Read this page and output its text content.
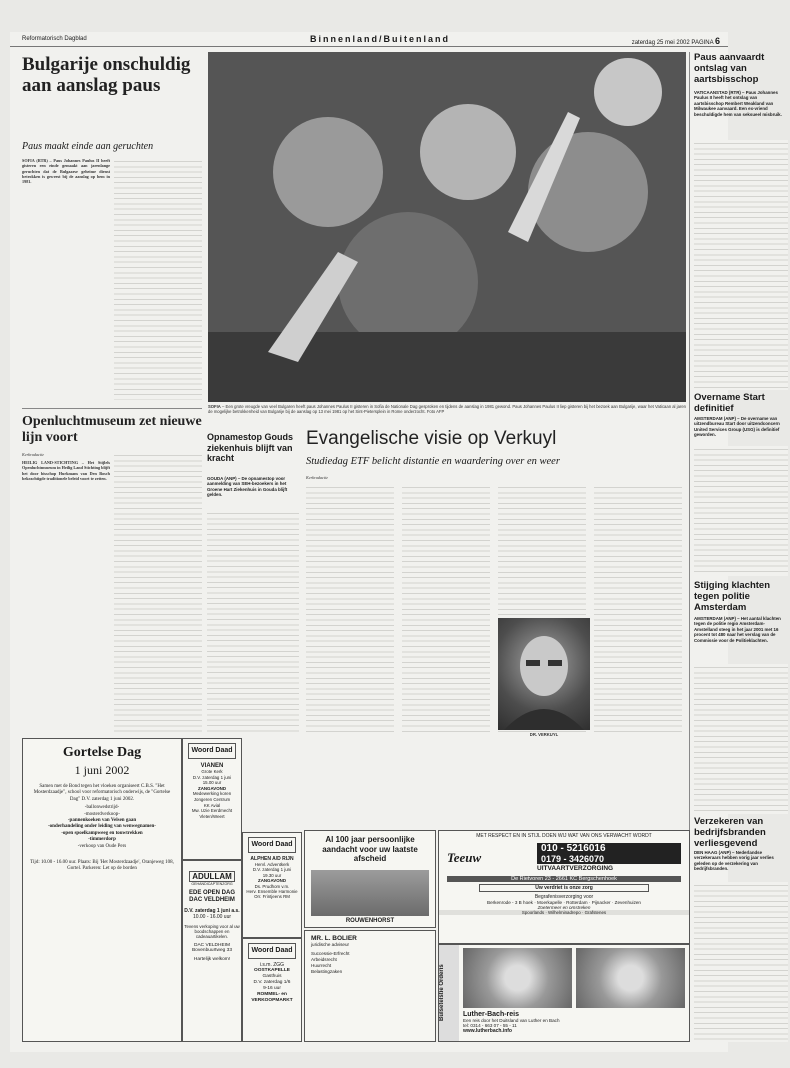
Reformatorisch Dagblad	Binnenland/Buitenland	zaterdag 25 mei 2002 PAGINA 6
Bulgarije onschuldig aan aanslag paus
Paus maakt einde aan geruchten
SOFIA (RTR) – Paus Johannes Paulus II heeft gisteren een einde gemaakt aan jarenlange geruchten dat de Bulgaarse geheime dienst betrokken is geweest bij de aanslag op hem in 1981.
SOFIA – Een grote vreugde van veel Bulgaren heeft paus Johannes Paulus II gisteren in Sofia de Nationale Dag gesproken en tijdens de aanslag in 1981 gewond. Paus Johannes Paulus II liep gisteren bij het bezoek aan Bulgarije, waar het Vaticaan al jaren de mogelijke betrokkenheid van Bulgarije bij de aanslag op 13 mei 1981 op het Sint-Pietersplein in Rome onderzocht. Foto AFP
Openluchtmuseum zet nieuwe lijn voort
Kerkradactie
HEILIG LAND-STICHTING – Het Stijlels Openluchtmuseum in Heilig Land Stichting blijft het door bisschop Hurkmans van Den Bosch bekrachtigde traditionele beleid voort te zetten.
Opnamestop Gouds ziekenhuis blijft van kracht
GOUDA (ANP) – De opnamestop voor aanmelding van SEH-bezoekers in het Groene Hart Ziekenhuis in Gouda blijft gelden.
Evangelische visie op Verkuyl
Studiedag ETF belicht distantie en waardering over en weer
Kerkradactie
DR. VERKUYL
Paus aanvaardt ontslag van aartsbisschop
VATICAANSTAD (RTR) – Paus Johannes Paulus II heeft het ontslag van aartsbisschop Rembert Weakland van Milwaukee aanvaard. Een ex-vriend beschuldigde hem van seksueel misbruik.
Overname Start definitief
AMSTERDAM (ANP) – De overname van uitzendbureau Start door uitzendconcern United Services Group (USG) is definitief geworden.
Stijging klachten tegen politie Amsterdam
AMSTERDAM (ANP) – Het aantal klachten tegen de politie regio Amsterdam-Amstelland steeg in het jaar 2001 met 16 procent tot 480 naar het verslag van de Commissie voor de Politieklachten.
Verzekeren van bedrijfsbranden verliesgevend
DEN HAAG (ANP) – Nederlandse verzekeraars hebben vorig jaar verlies geleden op de verzekering van bedrijfsbranden.
Gortelse Dag
1 juni 2002
Samen met de Bond tegen het vloeken organiseert C.B.S. "Het Mosterdzaadje", school voor reformatorisch onderwijs, de "Gortelse Dag" D.V. zaterdag 1 juni 2002.
-ballonwedstrijd-
-mosterdverkoop-
-pannenkoeken van Velsen gaan
-onderhandeling onder leiding van wenwegnamen-
-open spoelkampweeg en touwtrekken
-timmerdorp
-verkoop van Oude Pers
Tijd: 10.00 - 16.00 uur. Plaats: Bij 'Het Mosterdzaadje', Oranjeweg 108, Gortel. Parkeren: Let op de borden
Woord Daad
VIANEN
Grote Kerk
D.V. zaterdag 1 juni
15.00 uur
ZANGAVOND
Medewerking koren
Jongeren Centrum
KK Avial
Mw. Uzie Eerdmecht
Vleten/Weert
ADULLAM
GEHANDICAPTENZORG
EDE OPEN DAG DAC VELDHEIM
D.V. zaterdag 1 juni a.s.
10.00 - 16.00 uur
Tevens verkoping voor al uw
boodschappen en cadeauartikelen.
DAC VELDHEIM
Bovenbuurtweg 33
Hartelijk welkom!
Woord Daad
ALPHEN A/D RIJN
Hervl. Adventkerk
D.V. zaterdag 1 juni
19.30 uur
ZANGAVOND
Ds. Prudhom v.m.
Herv. Ensemble Harmonie
Orr. Frintjeens RM
Woord Daad
i.s.m. ZGG
OOSTKAPELLE
Gasthuis
D.V. zaterdag 1/6
9-16 uur
ROMMEL- en VERKOOPMARKT
Al 100 jaar persoonlijke aandacht voor uw laatste afscheid
ROUWENHORST
MET RESPECT EN IN STIJL DOEN WIJ WAT VAN ONS VERWACHT WORDT
Teeuw
010 - 5216016
0179 - 3426070
UITVAARTVERZORGING
De Rietvoren 23 - 2661 KC Bergschenhoek
Uw verdriet is onze zorg
Begrafenisverzorging voor
Berkenrode - 3 B hoek · Moerkapelle · Rotterdam · Pijnacker · Zevenhuizen
Zoetermeer en omstreken
Spoorlands · Wilhelminadrepo · Grafstenes
MR. L. BOLIER
juridische adviseur
Successie-Erfrecht
Arbeidsrecht
Huurrecht
Belastingzaken
Luther-Bach-reis
Een reis door het Duitsland van Luther en Bach
tel: 0314 - 663 07 - 55 - 11
www.lutherbach.info
Bulsetelstie Orderis
